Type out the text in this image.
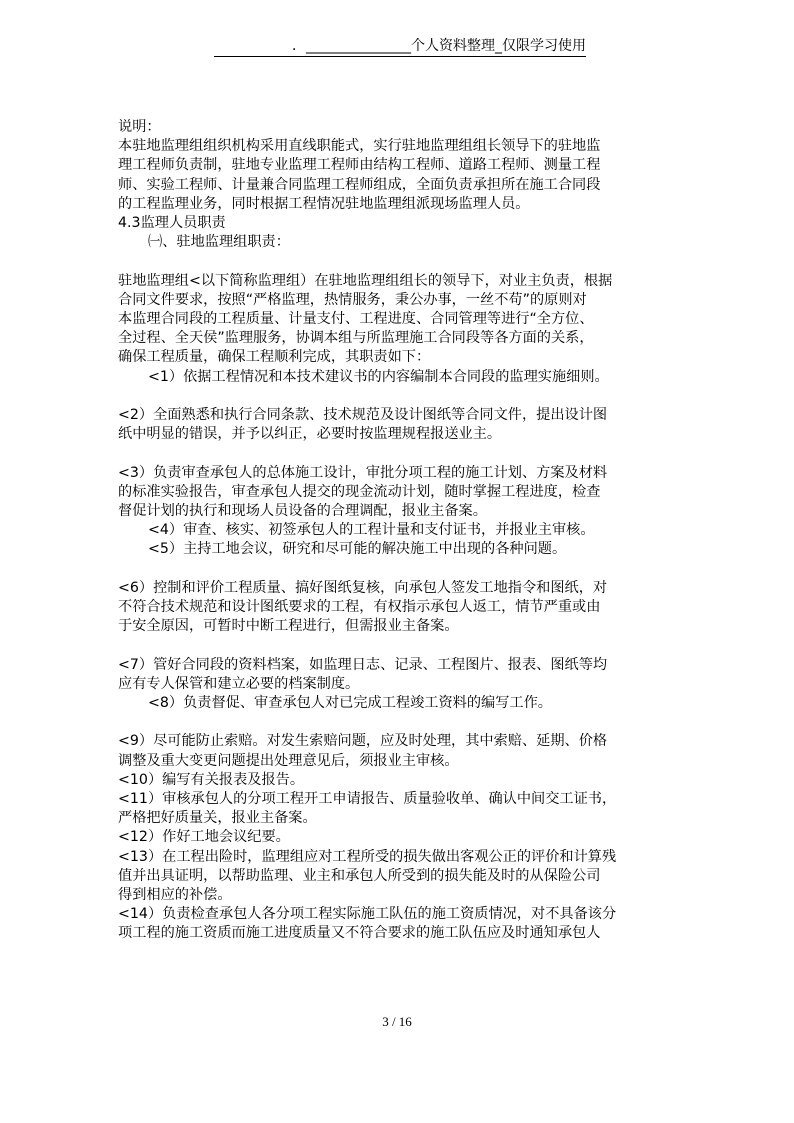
．_______________个人资料整理_仅限学习使用
说明：
本驻地监理组组织机构采用直线职能式，实行驻地监理组组长领导下的驻地监
理工程师负责制，驻地专业监理工程师由结构工程师、道路工程师、测量工程
师、实验工程师、计量兼合同监理工程师组成，全面负责承担所在施工合同段
的工程监理业务，同时根据工程情况驻地监理组派现场监理人员。
4.3监理人员职责
㈠、驻地监理组职责：
驻地监理组<以下简称监理组）在驻地监理组组长的领导下，对业主负责，根据
合同文件要求，按照“严格监理，热情服务，秉公办事，一丝不苟”的原则对
本监理合同段的工程质量、计量支付、工程进度、合同管理等进行“全方位、
全过程、全天侯”监理服务，协调本组与所监理施工合同段等各方面的关系，
确保工程质量，确保工程顺利完成，其职责如下：
<1）依据工程情况和本技术建议书的内容编制本合同段的监理实施细则。
<2）全面熟悉和执行合同条款、技术规范及设计图纸等合同文件，提出设计图
纸中明显的错误，并予以纠正，必要时按监理规程报送业主。
<3）负责审查承包人的总体施工设计，审批分项工程的施工计划、方案及材料
的标准实验报告，审查承包人提交的现金流动计划，随时掌握工程进度，检查
督促计划的执行和现场人员设备的合理调配，报业主备案。
<4）审查、核实、初签承包人的工程计量和支付证书，并报业主审核。
<5）主持工地会议，研究和尽可能的解决施工中出现的各种问题。
<6）控制和评价工程质量、搞好图纸复核，向承包人签发工地指令和图纸，对
不符合技术规范和设计图纸要求的工程，有权指示承包人返工，情节严重或由
于安全原因，可暂时中断工程进行，但需报业主备案。
<7）管好合同段的资料档案，如监理日志、记录、工程图片、报表、图纸等均
应有专人保管和建立必要的档案制度。
<8）负责督促、审查承包人对已完成工程竣工资料的编写工作。
<9）尽可能防止索赔。对发生索赔问题，应及时处理，其中索赔、延期、价格
调整及重大变更问题提出处理意见后，须报业主审核。
<10）编写有关报表及报告。
<11）审核承包人的分项工程开工申请报告、质量验收单、确认中间交工证书，
严格把好质量关，报业主备案。
<12）作好工地会议纪要。
<13）在工程出险时，监理组应对工程所受的损失做出客观公正的评价和计算残
值并出具证明，以帮助监理、业主和承包人所受到的损失能及时的从保险公司
得到相应的补偿。
<14）负责检查承包人各分项工程实际施工队伍的施工资质情况，对不具备该分
项工程的施工资质而施工进度质量又不符合要求的施工队伍应及时通知承包人
3 / 16
